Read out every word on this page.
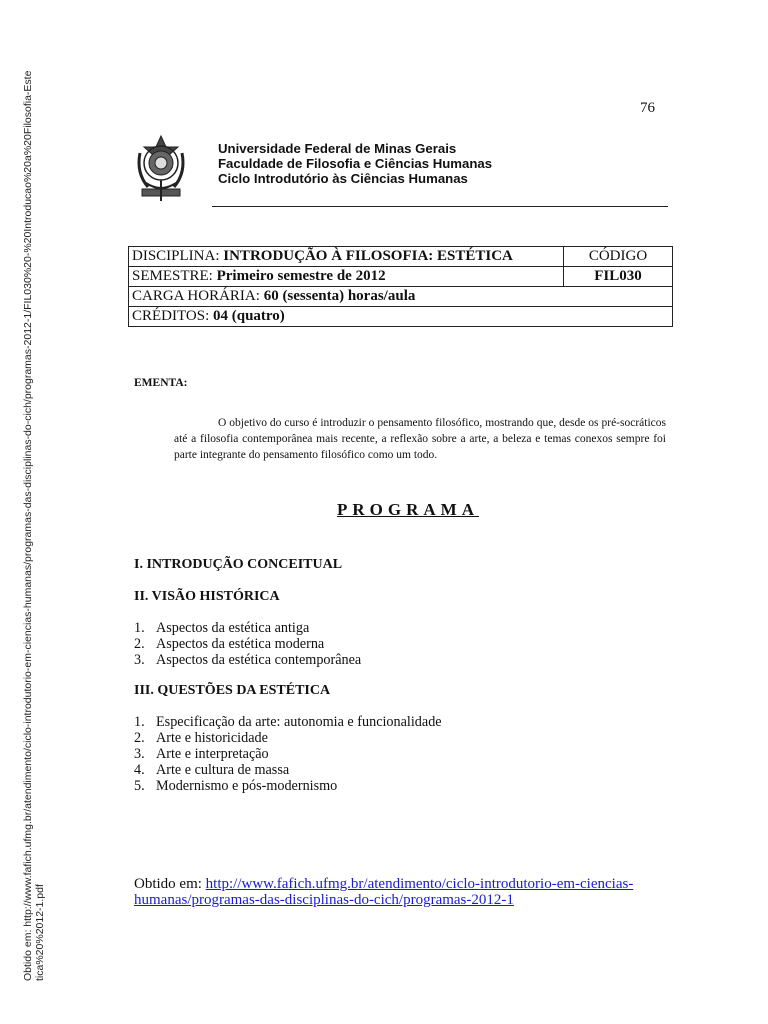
Obtido em: http://www.fafich.ufmg.br/atendimento/ciclo-introdutorio-em-ciencias-humanas/programas-das-disciplinas-do-cich/programas-2012-1/FIL030%20-%20Introducao%20a%20Filosofia-Este tica%20%2012-1.pdf
76
Universidade Federal de Minas Gerais
Faculdade de Filosofia e Ciências Humanas
Ciclo Introdutório às Ciências Humanas
DISCIPLINA: INTRODUÇÃO À FILOSOFIA: ESTÉTICA	CÓDIGO
SEMESTRE: Primeiro semestre de 2012	FIL030
CARGA HORÁRIA: 60 (sessenta) horas/aula	
CRÉDITOS: 04 (quatro)	
EMENTA:

O objetivo do curso é introduzir o pensamento filosófico, mostrando que, desde os pré-socráticos até a filosofia contemporânea mais recente, a reflexão sobre a arte, a beleza e temas conexos sempre foi parte integrante do pensamento filosófico como um todo.

PROGRAMA
I. INTRODUÇÃO CONCEITUAL
II. VISÃO HISTÓRICA
1. Aspectos da estética antiga
2. Aspectos da estética moderna
3. Aspectos da estética contemporânea
III. QUESTÕES DA ESTÉTICA
1. Especificação da arte: autonomia e funcionalidade
2. Arte e historicidade
3. Arte e interpretação
4. Arte e cultura de massa
5. Modernismo e pós-modernismo
Obtido em: http://www.fafich.ufmg.br/atendimento/ciclo-introdutorio-em-ciencias-
humanas/programas-das-disciplinas-do-cich/programas-2012-1
